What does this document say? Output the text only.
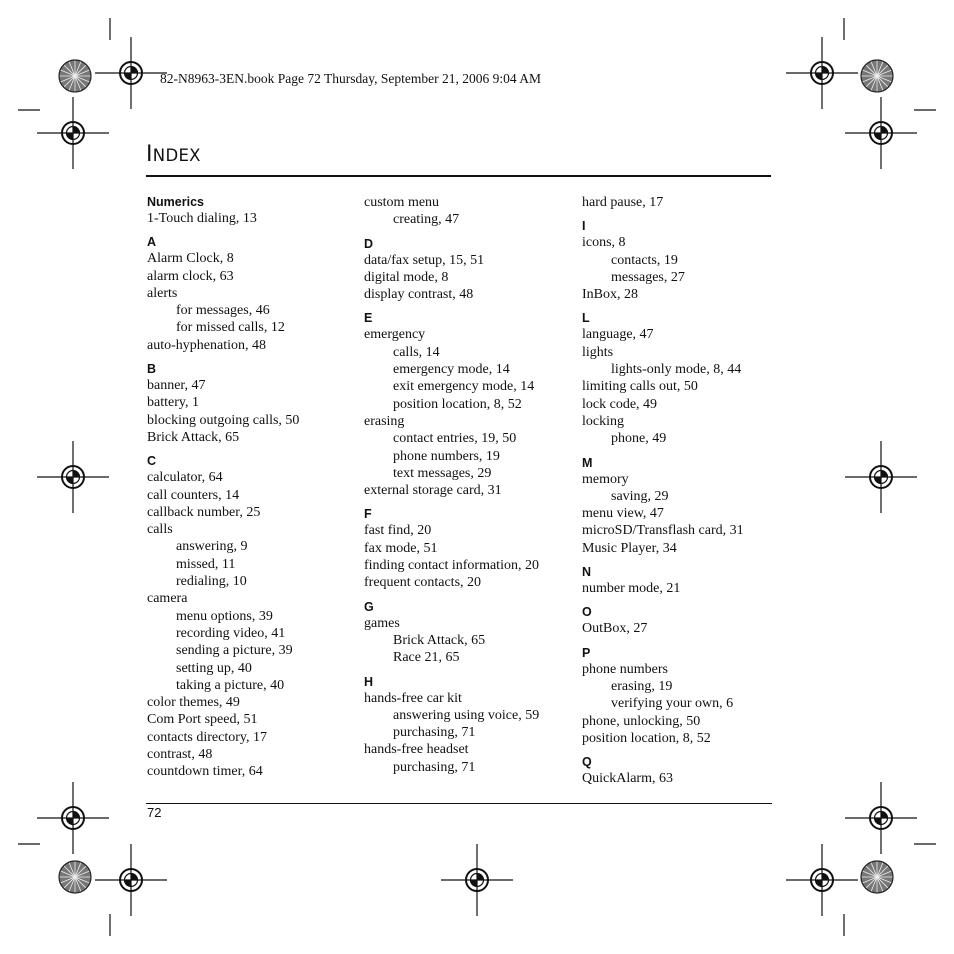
82-N8963-3EN.book Page 72 Thursday, September 21, 2006 9:04 AM
INDEX
Numerics
1-Touch dialing, 13
A
Alarm Clock, 8
alarm clock, 63
alerts
for messages, 46
for missed calls, 12
auto-hyphenation, 48
B
banner, 47
battery, 1
blocking outgoing calls, 50
Brick Attack, 65
C
calculator, 64
call counters, 14
callback number, 25
calls
answering, 9
missed, 11
redialing, 10
camera
menu options, 39
recording video, 41
sending a picture, 39
setting up, 40
taking a picture, 40
color themes, 49
Com Port speed, 51
contacts directory, 17
contrast, 48
countdown timer, 64
custom menu
creating, 47
D
data/fax setup, 15, 51
digital mode, 8
display contrast, 48
E
emergency
calls, 14
emergency mode, 14
exit emergency mode, 14
position location, 8, 52
erasing
contact entries, 19, 50
phone numbers, 19
text messages, 29
external storage card, 31
F
fast find, 20
fax mode, 51
finding contact information, 20
frequent contacts, 20
G
games
Brick Attack, 65
Race 21, 65
H
hands-free car kit
answering using voice, 59
purchasing, 71
hands-free headset
purchasing, 71
hard pause, 17
I
icons, 8
contacts, 19
messages, 27
InBox, 28
L
language, 47
lights
lights-only mode, 8, 44
limiting calls out, 50
lock code, 49
locking
phone, 49
M
memory
saving, 29
menu view, 47
microSD/Transflash card, 31
Music Player, 34
N
number mode, 21
O
OutBox, 27
P
phone numbers
erasing, 19
verifying your own, 6
phone, unlocking, 50
position location, 8, 52
Q
QuickAlarm, 63
72
